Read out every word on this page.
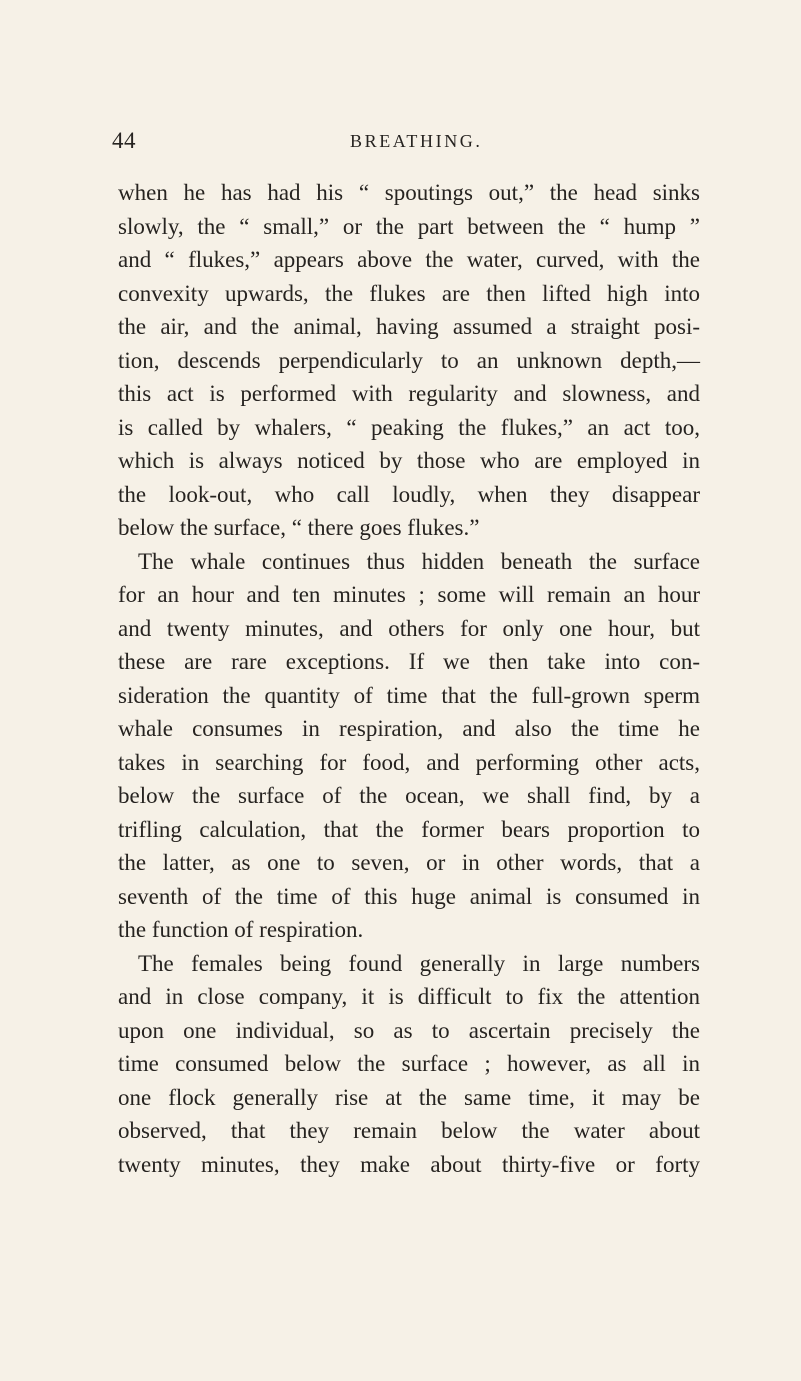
44	BREATHING.
when he has had his “ spoutings out,” the head sinks
slowly, the “ small,” or the part between the “ hump ”
and “ flukes,” appears above the water, curved, with the
convexity upwards, the flukes are then lifted high into
the air, and the animal, having assumed a straight posi-
tion, descends perpendicularly to an unknown depth,—
this act is performed with regularity and slowness, and
is called by whalers, “ peaking the flukes,” an act too,
which is always noticed by those who are employed in
the look-out, who call loudly, when they disappear
below the surface, “ there goes flukes.”
The whale continues thus hidden beneath the surface
for an hour and ten minutes ; some will remain an hour
and twenty minutes, and others for only one hour, but
these are rare exceptions. If we then take into con-
sideration the quantity of time that the full-grown sperm
whale consumes in respiration, and also the time he
takes in searching for food, and performing other acts,
below the surface of the ocean, we shall find, by a
trifling calculation, that the former bears proportion to
the latter, as one to seven, or in other words, that a
seventh of the time of this huge animal is consumed in
the function of respiration.
The females being found generally in large numbers
and in close company, it is difficult to fix the attention
upon one individual, so as to ascertain precisely the
time consumed below the surface ; however, as all in
one flock generally rise at the same time, it may be
observed, that they remain below the water about
twenty minutes, they make about thirty-five or forty
